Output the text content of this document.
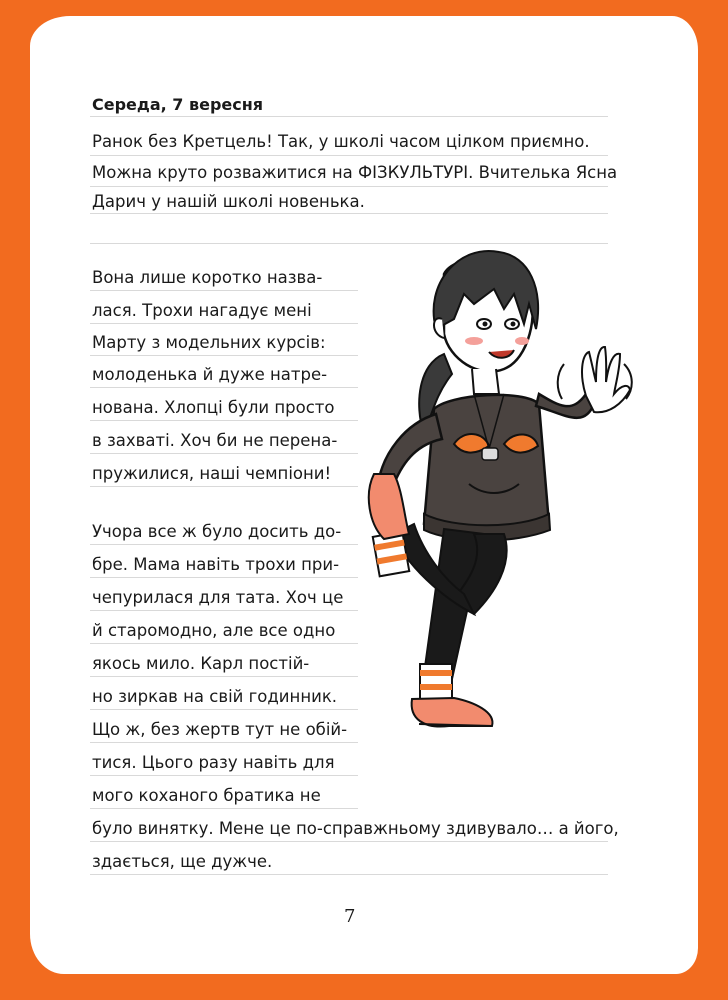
Середа, 7 вересня

Ранок без Кретцель! Так, у школі часом цілком приємно.

Можна круто розважитися на ФІЗКУЛЬТУРІ. Вчителька Ясна

Дарич у нашій школі новенька.

Вона лише коротко назва-

лася. Трохи нагадує мені

Марту з модельних курсів:

молоденька й дуже натре-

нована. Хлопці були просто

в захваті. Хоч би не перена-

пружилися, наші чемпіони!

Учора все ж було досить до-

бре. Мама навіть трохи при-

чепурилася для тата. Хоч це

й старомодно, але все одно

якось мило. Карл постій-

но зиркав на свій годинник.

Що ж, без жертв тут не обій-

тися. Цього разу навіть для

мого коханого братика не

було винятку. Мене це по-справжньому здивувало… а його,

здається, ще дужче.

7
